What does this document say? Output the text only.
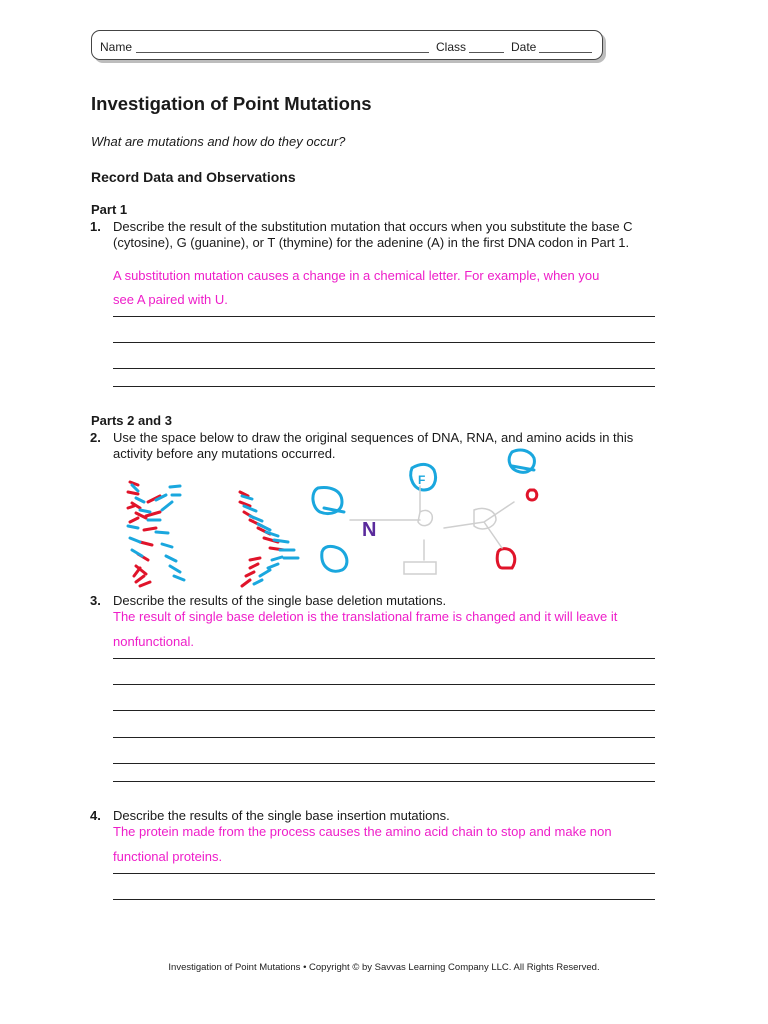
Name	Class	Date
Investigation of Point Mutations
What are mutations and how do they occur?
Record Data and Observations
Part 1
1. Describe the result of the substitution mutation that occurs when you substitute the base C (cytosine), G (guanine), or T (thymine) for the adenine (A) in the first DNA codon in Part 1.
A substitution mutation causes a change in a chemical letter. For example, when you
see A paired with U.
Parts 2 and 3
2. Use the space below to draw the original sequences of DNA, RNA, and amino acids in this activity before any mutations occurred.
N
F
3. Describe the results of the single base deletion mutations.
The result of single base deletion is the translational frame is changed and it will leave it
nonfunctional.
4. Describe the results of the single base insertion mutations.
The protein made from the process causes the amino acid chain to stop and make non
functional proteins.
Investigation of Point Mutations • Copyright © by Savvas Learning Company LLC. All Rights Reserved.
